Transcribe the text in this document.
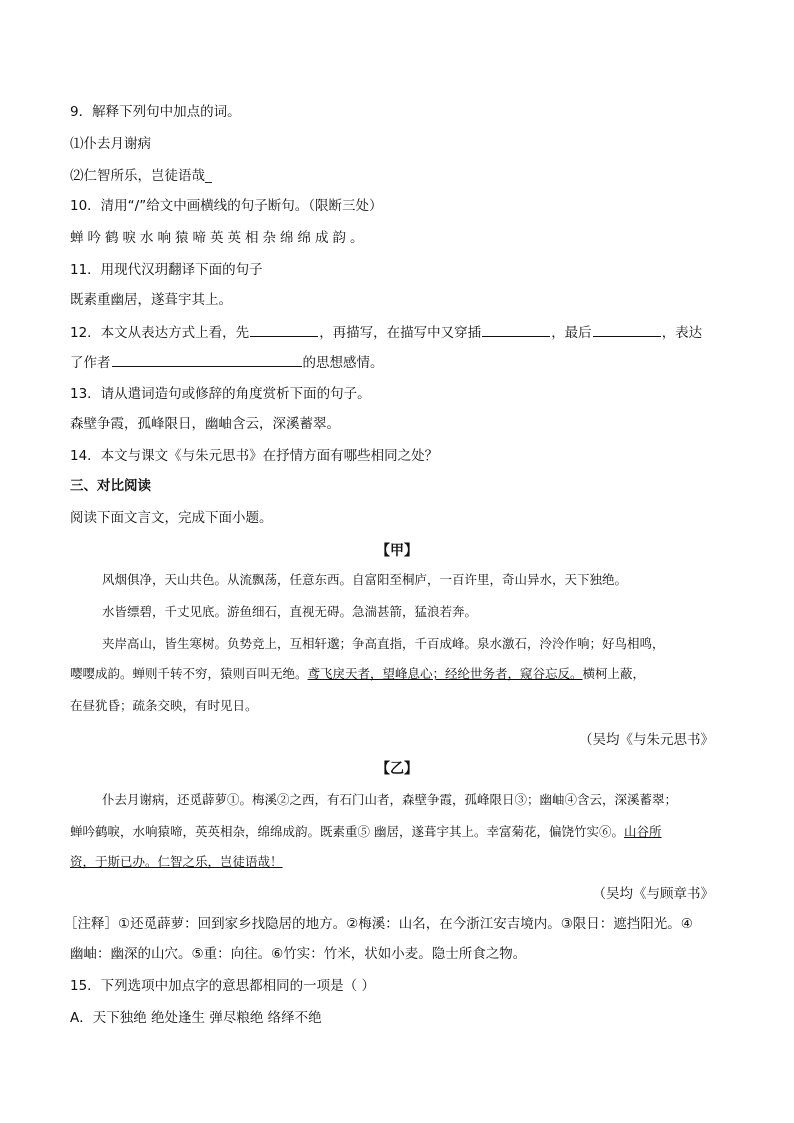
9．解释下列句中加点的词。
⑴仆去月谢病
⑵仁智所乐，岂徒语哉_
10．清用“/”给文中画横线的句子断句。（限断三处）
蝉吟鹤唳水响猿啼英英相杂绵绵成韵。
11．用现代汉玥翻译下面的句子
既素重幽居，遂葺宇其上。
12．本文从表达方式上看，先	，再描写，在描写中又穿插	，最后	，表达
了作者	的思想感情。
13．请从遣词造句或修辞的角度赏析下面的句子。
森壁争霞，孤峰限日，幽岫含云，深溪蓄翠。
14．本文与课文《与朱元思书》在抒情方面有哪些相同之处？
三、对比阅读
阅读下面文言文，完成下面小题。
【甲】
风烟俱净，天山共色。从流飘荡，任意东西。自富阳至桐庐，一百许里，奇山异水，天下独绝。
水皆缥碧，千丈见底。游鱼细石，直视无碍。急湍甚箭，猛浪若奔。
夹岸高山，皆生寒树。负势竞上，互相轩邈；争高直指，千百成峰。泉水激石，泠泠作响；好鸟相鸣，
嘤嘤成韵。蝉则千转不穷，猿则百叫无绝。鸢飞戾天者，望峰息心；经纶世务者，窥谷忘反。横柯上蔽，
在昼犹昏；疏条交映，有时见日。
（吴均《与朱元思书》
【乙】
仆去月谢病，还觅薜萝①。梅溪②之西，有石门山者，森壁争霞，孤峰限日③；幽岫④含云，深溪蓄翠；
蝉吟鹤唳，水响猿啼，英英相杂，绵绵成韵。既素重⑤ 幽居，遂葺宇其上。幸富菊花，偏饶竹实⑥。山谷所
资，于斯已办。仁智之乐，岂徒语哉！
（吴均《与顾章书》
［注释］①还觅薜萝：回到家乡找隐居的地方。②梅溪：山名，在今浙江安吉境内。③限日：遮挡阳光。④
幽岫：幽深的山穴。⑤重：向往。⑥竹实：竹米，状如小麦。隐士所食之物。
15．下列选项中加点字的意思都相同的一项是（ ）
A．天下独绝 绝处逢生 弹尽粮绝 络绎不绝
